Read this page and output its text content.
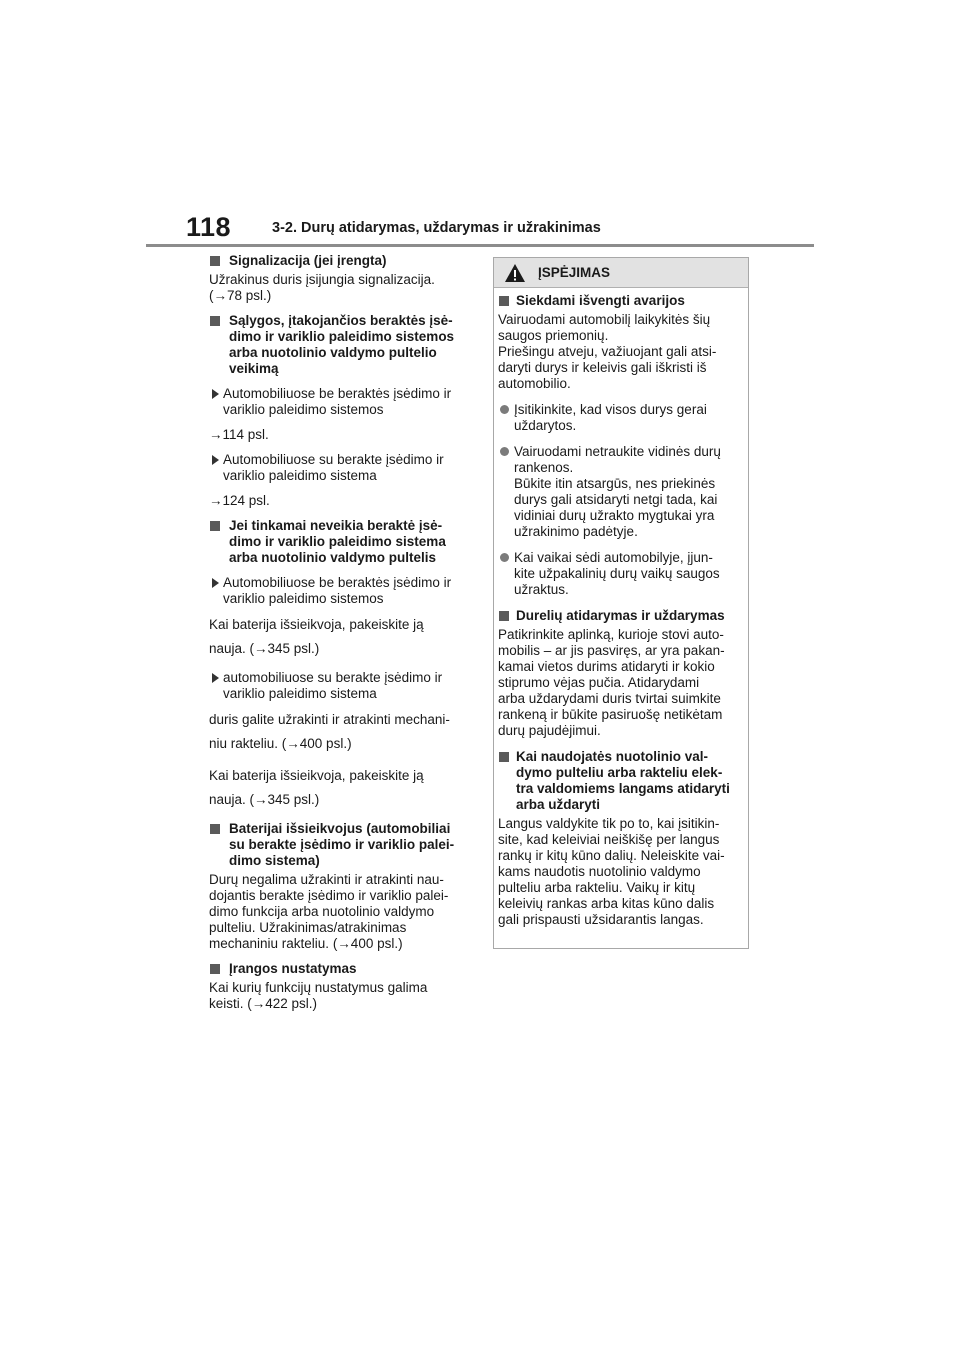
118	3-2. Durų atidarymas, uždarymas ir užrakinimas
Signalizacija (jei įrengta)
Užrakinus duris įsijungia signalizacija.
(→78 psl.)
Sąlygos, įtakojančios beraktės įsė-
dimo ir variklio paleidimo sistemos
arba nuotolinio valdymo pultelio
veikimą
Automobiliuose be beraktės įsėdimo ir
variklio paleidimo sistemos
→114 psl.
Automobiliuose su berakte įsėdimo ir
variklio paleidimo sistema
→124 psl.
Jei tinkamai neveikia beraktė įsė-
dimo ir variklio paleidimo sistema
arba nuotolinio valdymo pultelis
Automobiliuose be beraktės įsėdimo ir
variklio paleidimo sistemos
Kai baterija išsieikvoja, pakeiskite ją
nauja. (→345 psl.)
automobiliuose su berakte įsėdimo ir
variklio paleidimo sistema
duris galite užrakinti ir atrakinti mechani-
niu rakteliu. (→400 psl.)
Kai baterija išsieikvoja, pakeiskite ją
nauja. (→345 psl.)
Baterijai išsieikvojus (automobiliai
su berakte įsėdimo ir variklio palei-
dimo sistema)
Durų negalima užrakinti ir atrakinti nau-
dojantis berakte įsėdimo ir variklio palei-
dimo funkcija arba nuotolinio valdymo
pulteliu. Užrakinimas/atrakinimas
mechaniniu rakteliu. (→400 psl.)
Įrangos nustatymas
Kai kurių funkcijų nustatymus galima
keisti. (→422 psl.)
ĮSPĖJIMAS
Siekdami išvengti avarijos
Vairuodami automobilį laikykitės šių
saugos priemonių.
Priešingu atveju, važiuojant gali atsi-
daryti durys ir keleivis gali iškristi iš
automobilio.
Įsitikinkite, kad visos durys gerai
uždarytos.
Vairuodami netraukite vidinės durų
rankenos.
Būkite itin atsargūs, nes priekinės
durys gali atsidaryti netgi tada, kai
vidiniai durų užrakto mygtukai yra
užrakinimo padėtyje.
Kai vaikai sėdi automobilyje, įjun-
kite užpakalinių durų vaikų saugos
užraktus.
Durelių atidarymas ir uždarymas
Patikrinkite aplinką, kurioje stovi auto-
mobilis – ar jis pasviręs, ar yra pakan-
kamai vietos durims atidaryti ir kokio
stiprumo vėjas pučia. Atidarydami
arba uždarydami duris tvirtai suimkite
rankeną ir būkite pasiruošę netikėtam
durų pajudėjimui.
Kai naudojatės nuotolinio val-
dymo pulteliu arba rakteliu elek-
tra valdomiems langams atidaryti
arba uždaryti
Langus valdykite tik po to, kai įsitikin-
site, kad keleiviai neiškišę per langus
rankų ir kitų kūno dalių. Neleiskite vai-
kams naudotis nuotolinio valdymo
pulteliu arba rakteliu. Vaikų ir kitų
keleivių rankas arba kitas kūno dalis
gali prispausti užsidarantis langas.
